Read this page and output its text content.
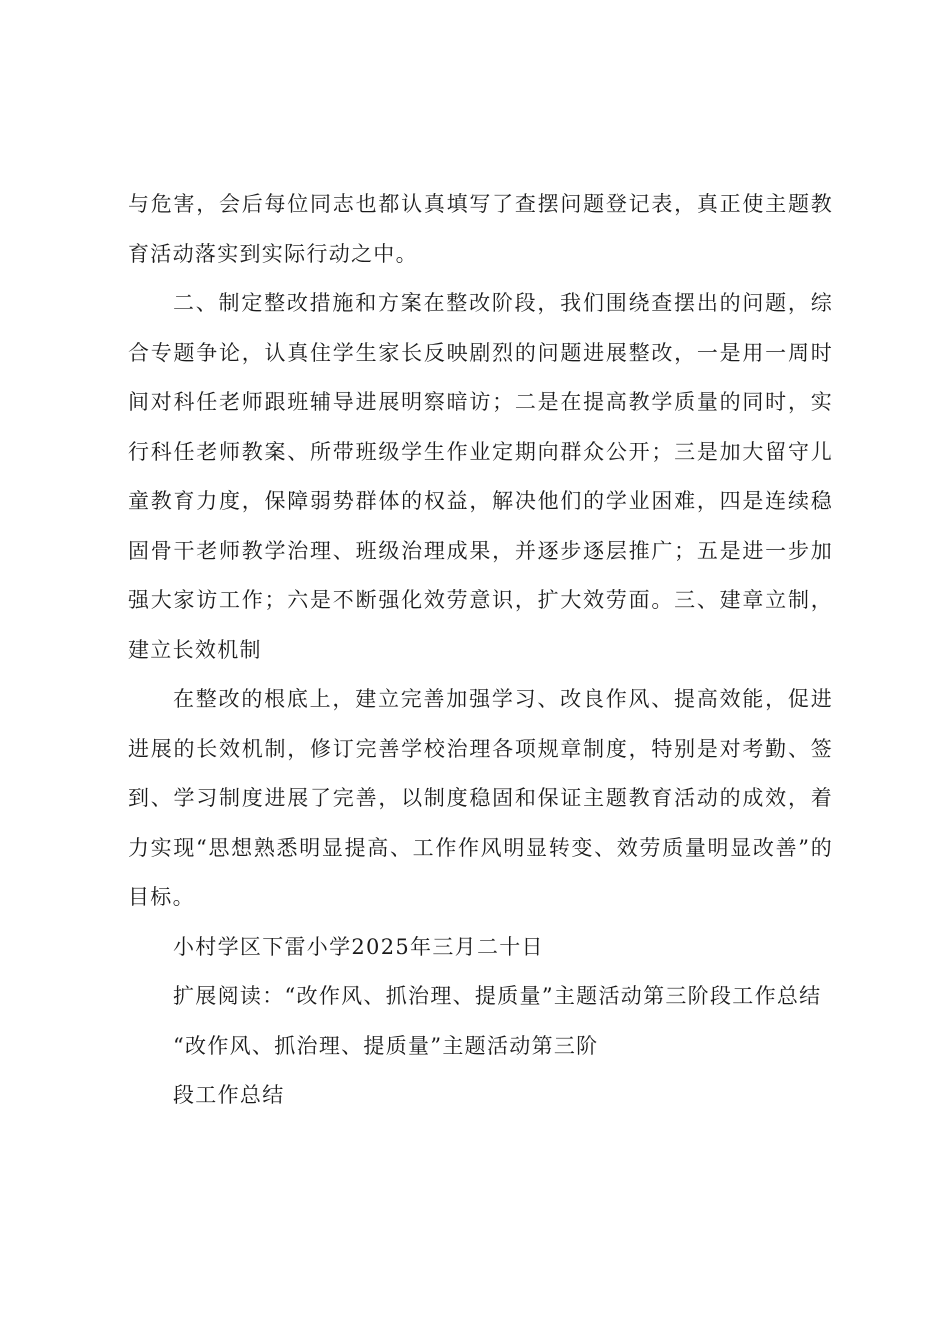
与危害，会后每位同志也都认真填写了查摆问题登记表，真正使主题教育活动落实到实际行动之中。

二、制定整改措施和方案在整改阶段，我们围绕查摆出的问题，综合专题争论，认真住学生家长反映剧烈的问题进展整改，一是用一周时间对科任老师跟班辅导进展明察暗访；二是在提高教学质量的同时，实行科任老师教案、所带班级学生作业定期向群众公开；三是加大留守儿童教育力度，保障弱势群体的权益，解决他们的学业困难，四是连续稳固骨干老师教学治理、班级治理成果，并逐步逐层推广；五是进一步加强大家访工作；六是不断强化效劳意识，扩大效劳面。三、建章立制，建立长效机制

在整改的根底上，建立完善加强学习、改良作风、提高效能，促进进展的长效机制，修订完善学校治理各项规章制度，特别是对考勤、签到、学习制度进展了完善，以制度稳固和保证主题教育活动的成效，着力实现“思想熟悉明显提高、工作作风明显转变、效劳质量明显改善”的目标。

小村学区下雷小学2025年三月二十日

扩展阅读：“改作风、抓治理、提质量”主题活动第三阶段工作总结

“改作风、抓治理、提质量”主题活动第三阶

段工作总结
